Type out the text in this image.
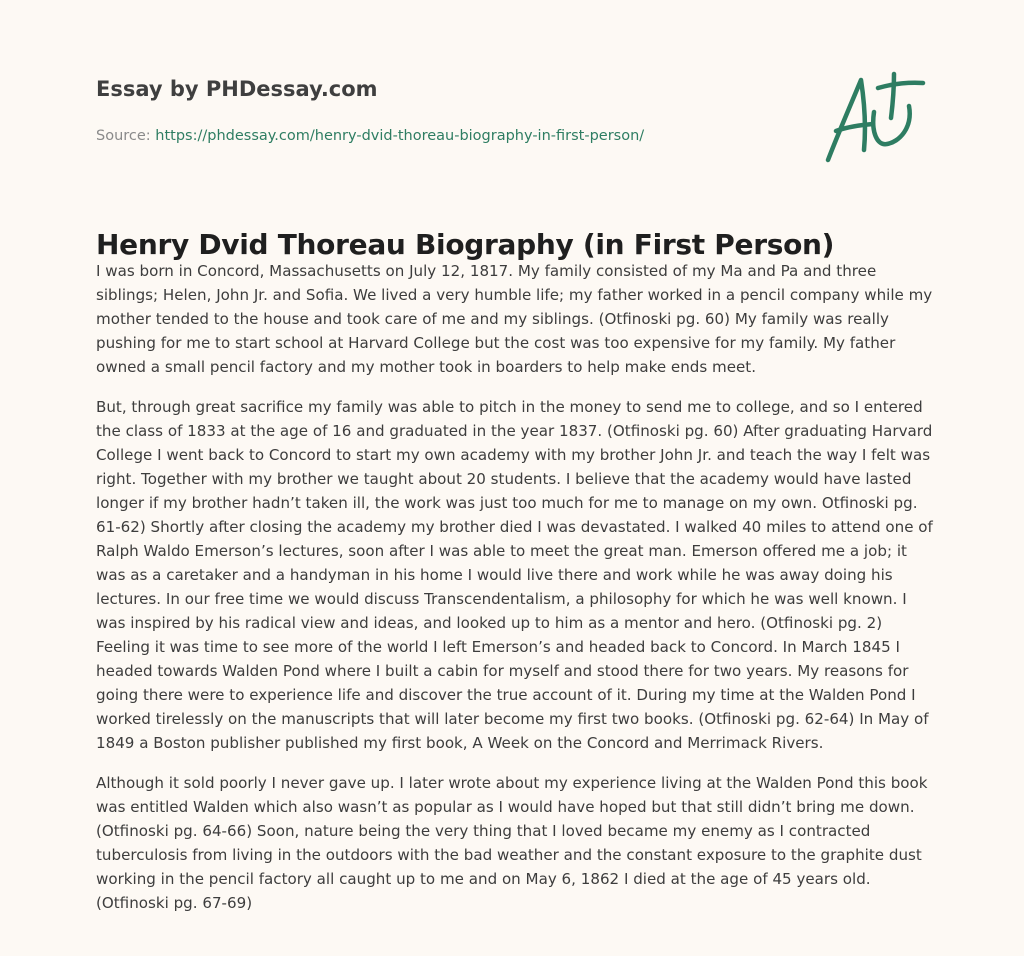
Essay by PHDessay.com
Source: https://phdessay.com/henry-dvid-thoreau-biography-in-first-person/
Henry Dvid Thoreau Biography (in First Person)

I was born in Concord, Massachusetts on July 12, 1817. My family consisted of my Ma and Pa and three siblings; Helen, John Jr. and Sofia. We lived a very humble life; my father worked in a pencil company while my mother tended to the house and took care of me and my siblings. (Otfinoski pg. 60) My family was really pushing for me to start school at Harvard College but the cost was too expensive for my family. My father owned a small pencil factory and my mother took in boarders to help make ends meet.

But, through great sacrifice my family was able to pitch in the money to send me to college, and so I entered the class of 1833 at the age of 16 and graduated in the year 1837. (Otfinoski pg. 60) After graduating Harvard College I went back to Concord to start my own academy with my brother John Jr. and teach the way I felt was right. Together with my brother we taught about 20 students. I believe that the academy would have lasted longer if my brother hadn’t taken ill, the work was just too much for me to manage on my own. Otfinoski pg. 61-62) Shortly after closing the academy my brother died I was devastated. I walked 40 miles to attend one of Ralph Waldo Emerson’s lectures, soon after I was able to meet the great man. Emerson offered me a job; it was as a caretaker and a handyman in his home I would live there and work while he was away doing his lectures. In our free time we would discuss Transcendentalism, a philosophy for which he was well known. I was inspired by his radical view and ideas, and looked up to him as a mentor and hero. (Otfinoski pg. 2) Feeling it was time to see more of the world I left Emerson’s and headed back to Concord. In March 1845 I headed towards Walden Pond where I built a cabin for myself and stood there for two years. My reasons for going there were to experience life and discover the true account of it. During my time at the Walden Pond I worked tirelessly on the manuscripts that will later become my first two books. (Otfinoski pg. 62-64) In May of 1849 a Boston publisher published my first book, A Week on the Concord and Merrimack Rivers.

Although it sold poorly I never gave up. I later wrote about my experience living at the Walden Pond this book was entitled Walden which also wasn’t as popular as I would have hoped but that still didn’t bring me down. (Otfinoski pg. 64-66) Soon, nature being the very thing that I loved became my enemy as I contracted tuberculosis from living in the outdoors with the bad weather and the constant exposure to the graphite dust working in the pencil factory all caught up to me and on May 6, 1862 I died at the age of 45 years old. (Otfinoski pg. 67-69)
